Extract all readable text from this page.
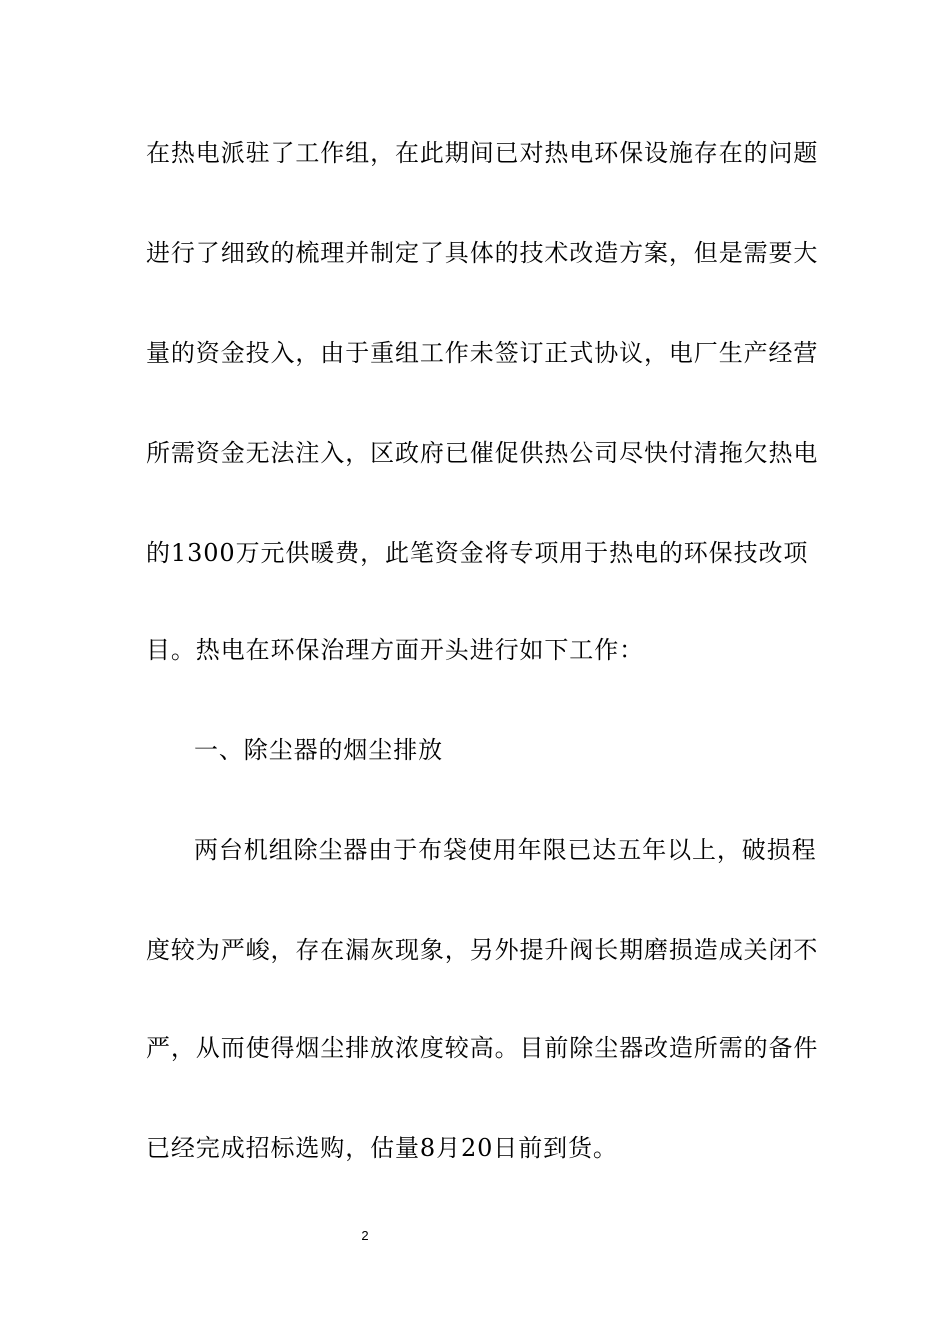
在热电派驻了工作组，在此期间已对热电环保设施存在的问题
进行了细致的梳理并制定了具体的技术改造方案，但是需要大
量的资金投入，由于重组工作未签订正式协议，电厂生产经营
所需资金无法注入，区政府已催促供热公司尽快付清拖欠热电
的1300万元供暖费，此笔资金将专项用于热电的环保技改项
目。热电在环保治理方面开头进行如下工作：
一、除尘器的烟尘排放
两台机组除尘器由于布袋使用年限已达五年以上，破损程
度较为严峻，存在漏灰现象，另外提升阀长期磨损造成关闭不
严，从而使得烟尘排放浓度较高。目前除尘器改造所需的备件
已经完成招标选购，估量8月20日前到货。
2
